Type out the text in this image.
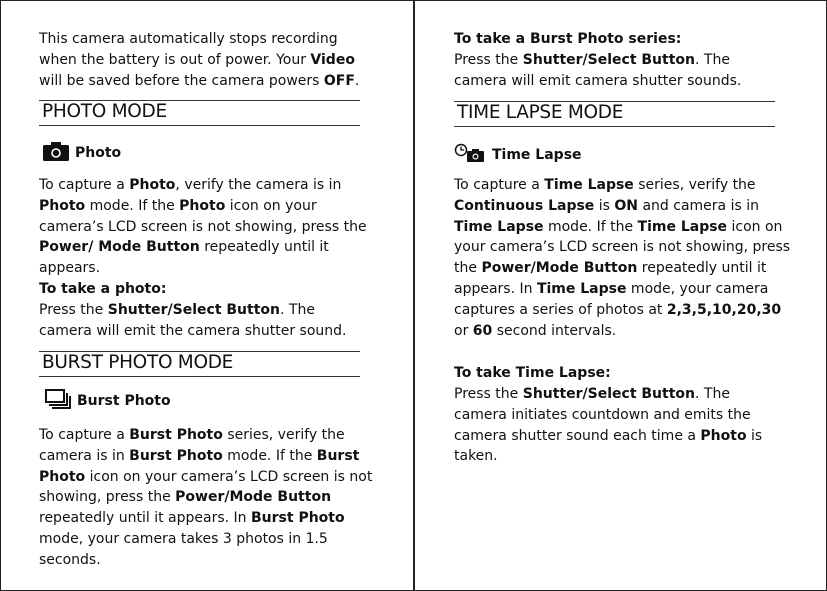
This camera automatically stops recording when the battery is out of power. Your Video will be saved before the camera powers OFF.

PHOTO MODE
Photo

To capture a Photo, verify the camera is in Photo mode. If the Photo icon on your camera’s LCD screen is not showing, press the Power/ Mode Button repeatedly until it appears.

To take a photo:

Press the Shutter/Select Button. The camera will emit the camera shutter sound.

BURST PHOTO MODE
Burst Photo

To capture a Burst Photo series, verify the camera is in Burst Photo mode. If the Burst Photo icon on your camera’s LCD screen is not showing, press the Power/Mode Button repeatedly until it appears. In Burst Photo mode, your camera takes 3 photos in 1.5 seconds.

To take a Burst Photo series:

Press the Shutter/Select Button. The camera will emit camera shutter sounds.

TIME LAPSE MODE
Time Lapse

To capture a Time Lapse series, verify the Continuous Lapse is ON and camera is in Time Lapse mode. If the Time Lapse icon on your camera’s LCD screen is not showing, press the Power/Mode Button repeatedly until it appears. In Time Lapse mode, your camera captures a series of photos at 2,3,5,10,20,30 or 60 second intervals.

To take Time Lapse:

Press the Shutter/Select Button. The camera initiates countdown and emits the camera shutter sound each time a Photo is taken.
